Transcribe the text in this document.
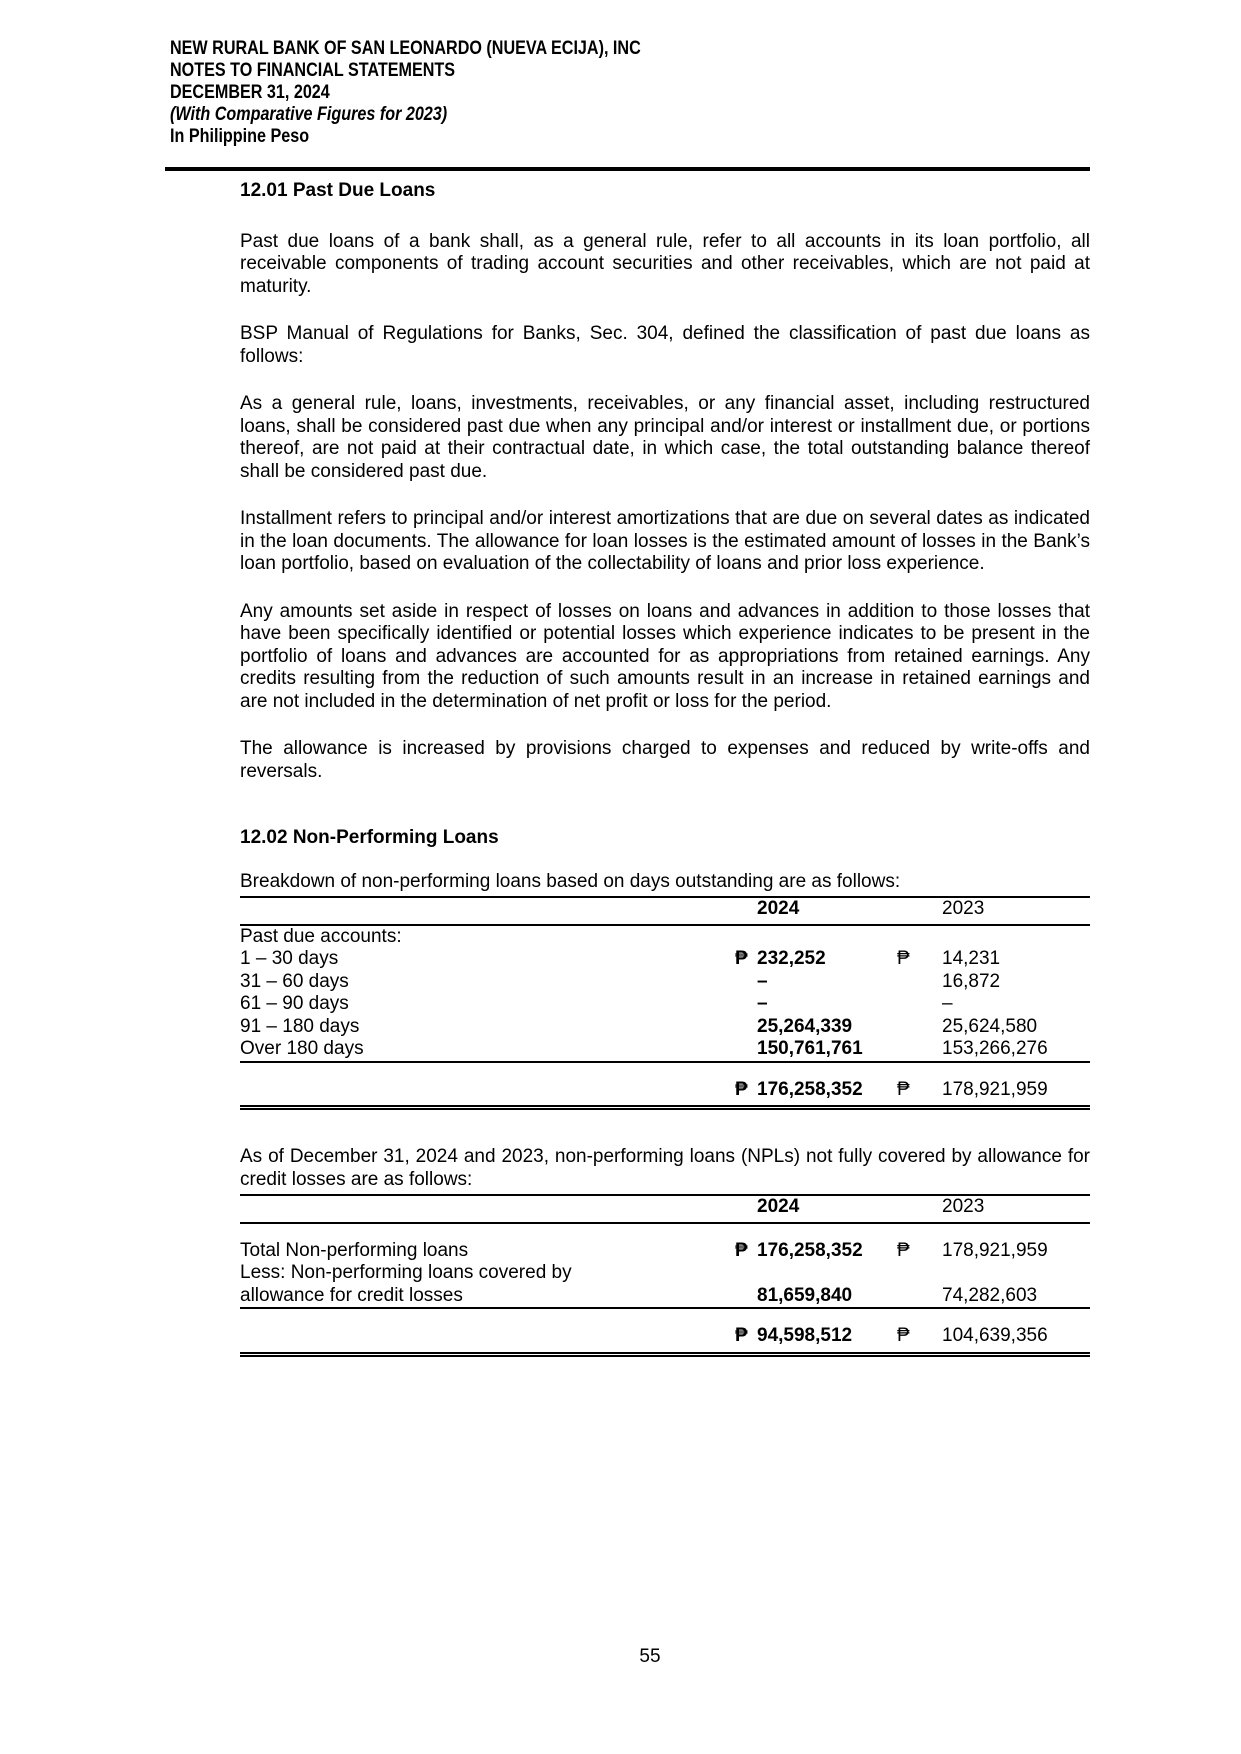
NEW RURAL BANK OF SAN LEONARDO (NUEVA ECIJA), INC
NOTES TO FINANCIAL STATEMENTS
DECEMBER 31, 2024
(With Comparative Figures for 2023)
In Philippine Peso
12.01 Past Due Loans

Past due loans of a bank shall, as a general rule, refer to all accounts in its loan portfolio, all receivable components of trading account securities and other receivables, which are not paid at maturity.

BSP Manual of Regulations for Banks, Sec. 304, defined the classification of past due loans as follows:

As a general rule, loans, investments, receivables, or any financial asset, including restructured loans, shall be considered past due when any principal and/or interest or installment due, or portions thereof, are not paid at their contractual date, in which case, the total outstanding balance thereof shall be considered past due.

Installment refers to principal and/or interest amortizations that are due on several dates as indicated in the loan documents. The allowance for loan losses is the estimated amount of losses in the Bank’s loan portfolio, based on evaluation of the collectability of loans and prior loss experience.

Any amounts set aside in respect of losses on loans and advances in addition to those losses that have been specifically identified or potential losses which experience indicates to be present in the portfolio of loans and advances are accounted for as appropriations from retained earnings. Any credits resulting from the reduction of such amounts result in an increase in retained earnings and are not included in the determination of net profit or loss for the period.

The allowance is increased by provisions charged to expenses and reduced by write-offs and reversals.

12.02 Non-Performing Loans
Breakdown of non-performing loans based on days outstanding are as follows:
		2024		2023
Past due accounts:				
1 – 30 days	₱	232,252	₱	14,231
31 – 60 days		–		16,872
61 – 90 days		–		–
91 – 180 days		25,264,339		25,624,580
Over 180 days		150,761,761		153,266,276

	₱	176,258,352	₱	178,921,959
As of December 31, 2024 and 2023, non-performing loans (NPLs) not fully covered by allowance for credit losses are as follows:
		2024		2023

Total Non-performing loans	₱	176,258,352	₱	178,921,959
Less: Non-performing loans covered by				
allowance for credit losses		81,659,840		74,282,603

	₱	94,598,512	₱	104,639,356
55
